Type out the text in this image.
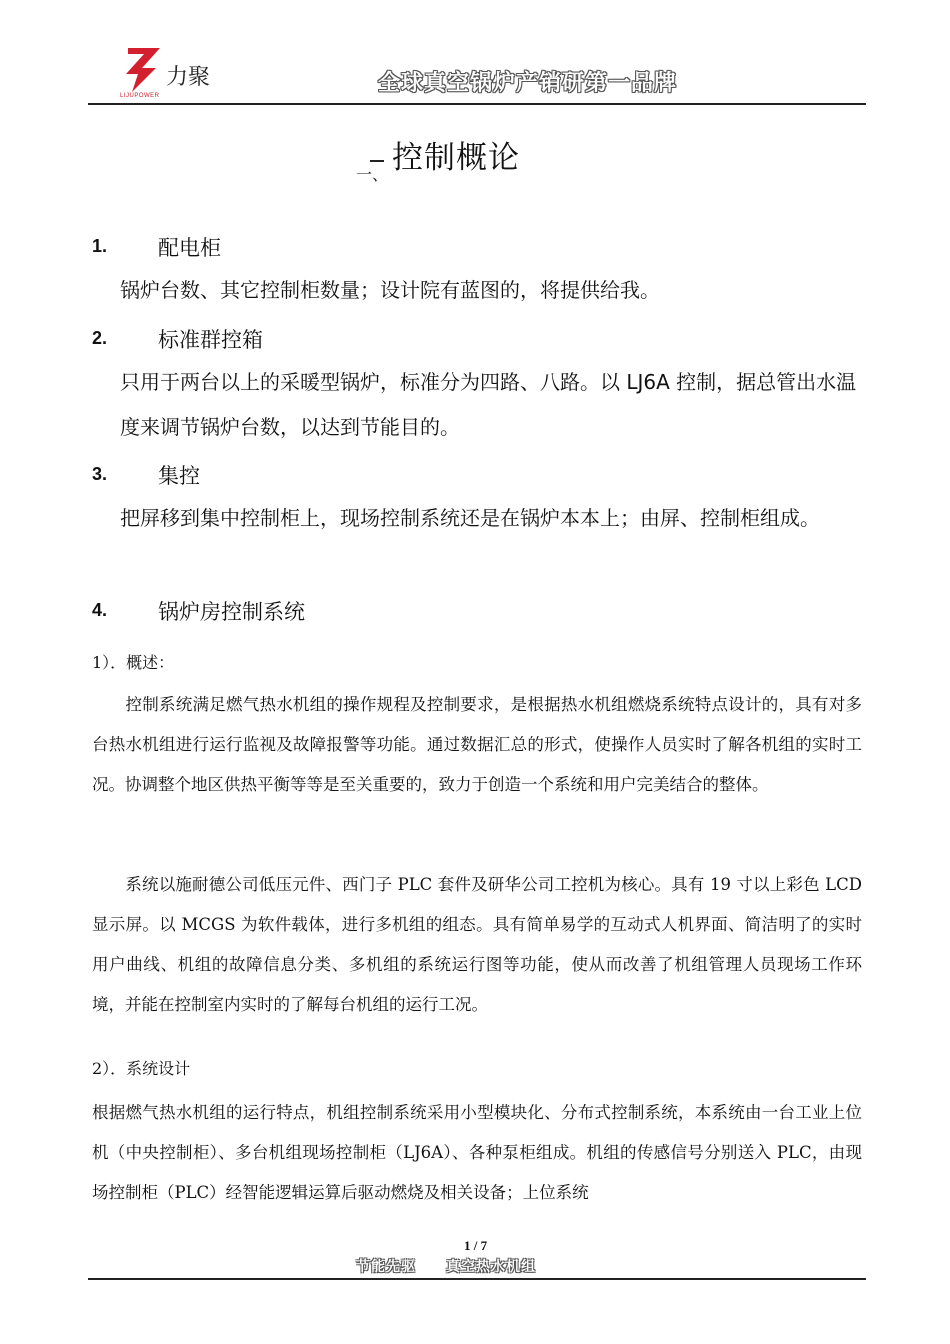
力聚
LIJUPOWER	全球真空锅炉产销研第一品牌
一、 控制概论
1. 配电柜
锅炉台数、其它控制柜数量；设计院有蓝图的，将提供给我。
2. 标准群控箱
只用于两台以上的采暖型锅炉，标准分为四路、八路。以 LJ6A 控制，据总管出水温度来调节锅炉台数，以达到节能目的。
3. 集控
把屏移到集中控制柜上，现场控制系统还是在锅炉本本上；由屏、控制柜组成。
4. 锅炉房控制系统
1）．概述：
　　控制系统满足燃气热水机组的操作规程及控制要求，是根据热水机组燃烧系统特点设计的，具有对多台热水机组进行运行监视及故障报警等功能。通过数据汇总的形式，使操作人员实时了解各机组的实时工况。协调整个地区供热平衡等等是至关重要的，致力于创造一个系统和用户完美结合的整体。
　　系统以施耐德公司低压元件、西门子 PLC 套件及研华公司工控机为核心。具有 19 寸以上彩色 LCD 显示屏。以 MCGS 为软件载体，进行多机组的组态。具有简单易学的互动式人机界面、简洁明了的实时用户曲线、机组的故障信息分类、多机组的系统运行图等功能，使从而改善了机组管理人员现场工作环境，并能在控制室内实时的了解每台机组的运行工况。
2）．系统设计
根据燃气热水机组的运行特点，机组控制系统采用小型模块化、分布式控制系统，本系统由一台工业上位机（中央控制柜）、多台机组现场控制柜（LJ6A）、各种泵柜组成。机组的传感信号分别送入 PLC，由现场控制柜（PLC）经智能逻辑运算后驱动燃烧及相关设备；上位系统
1 / 7
节能先驱　　真空热水机组
